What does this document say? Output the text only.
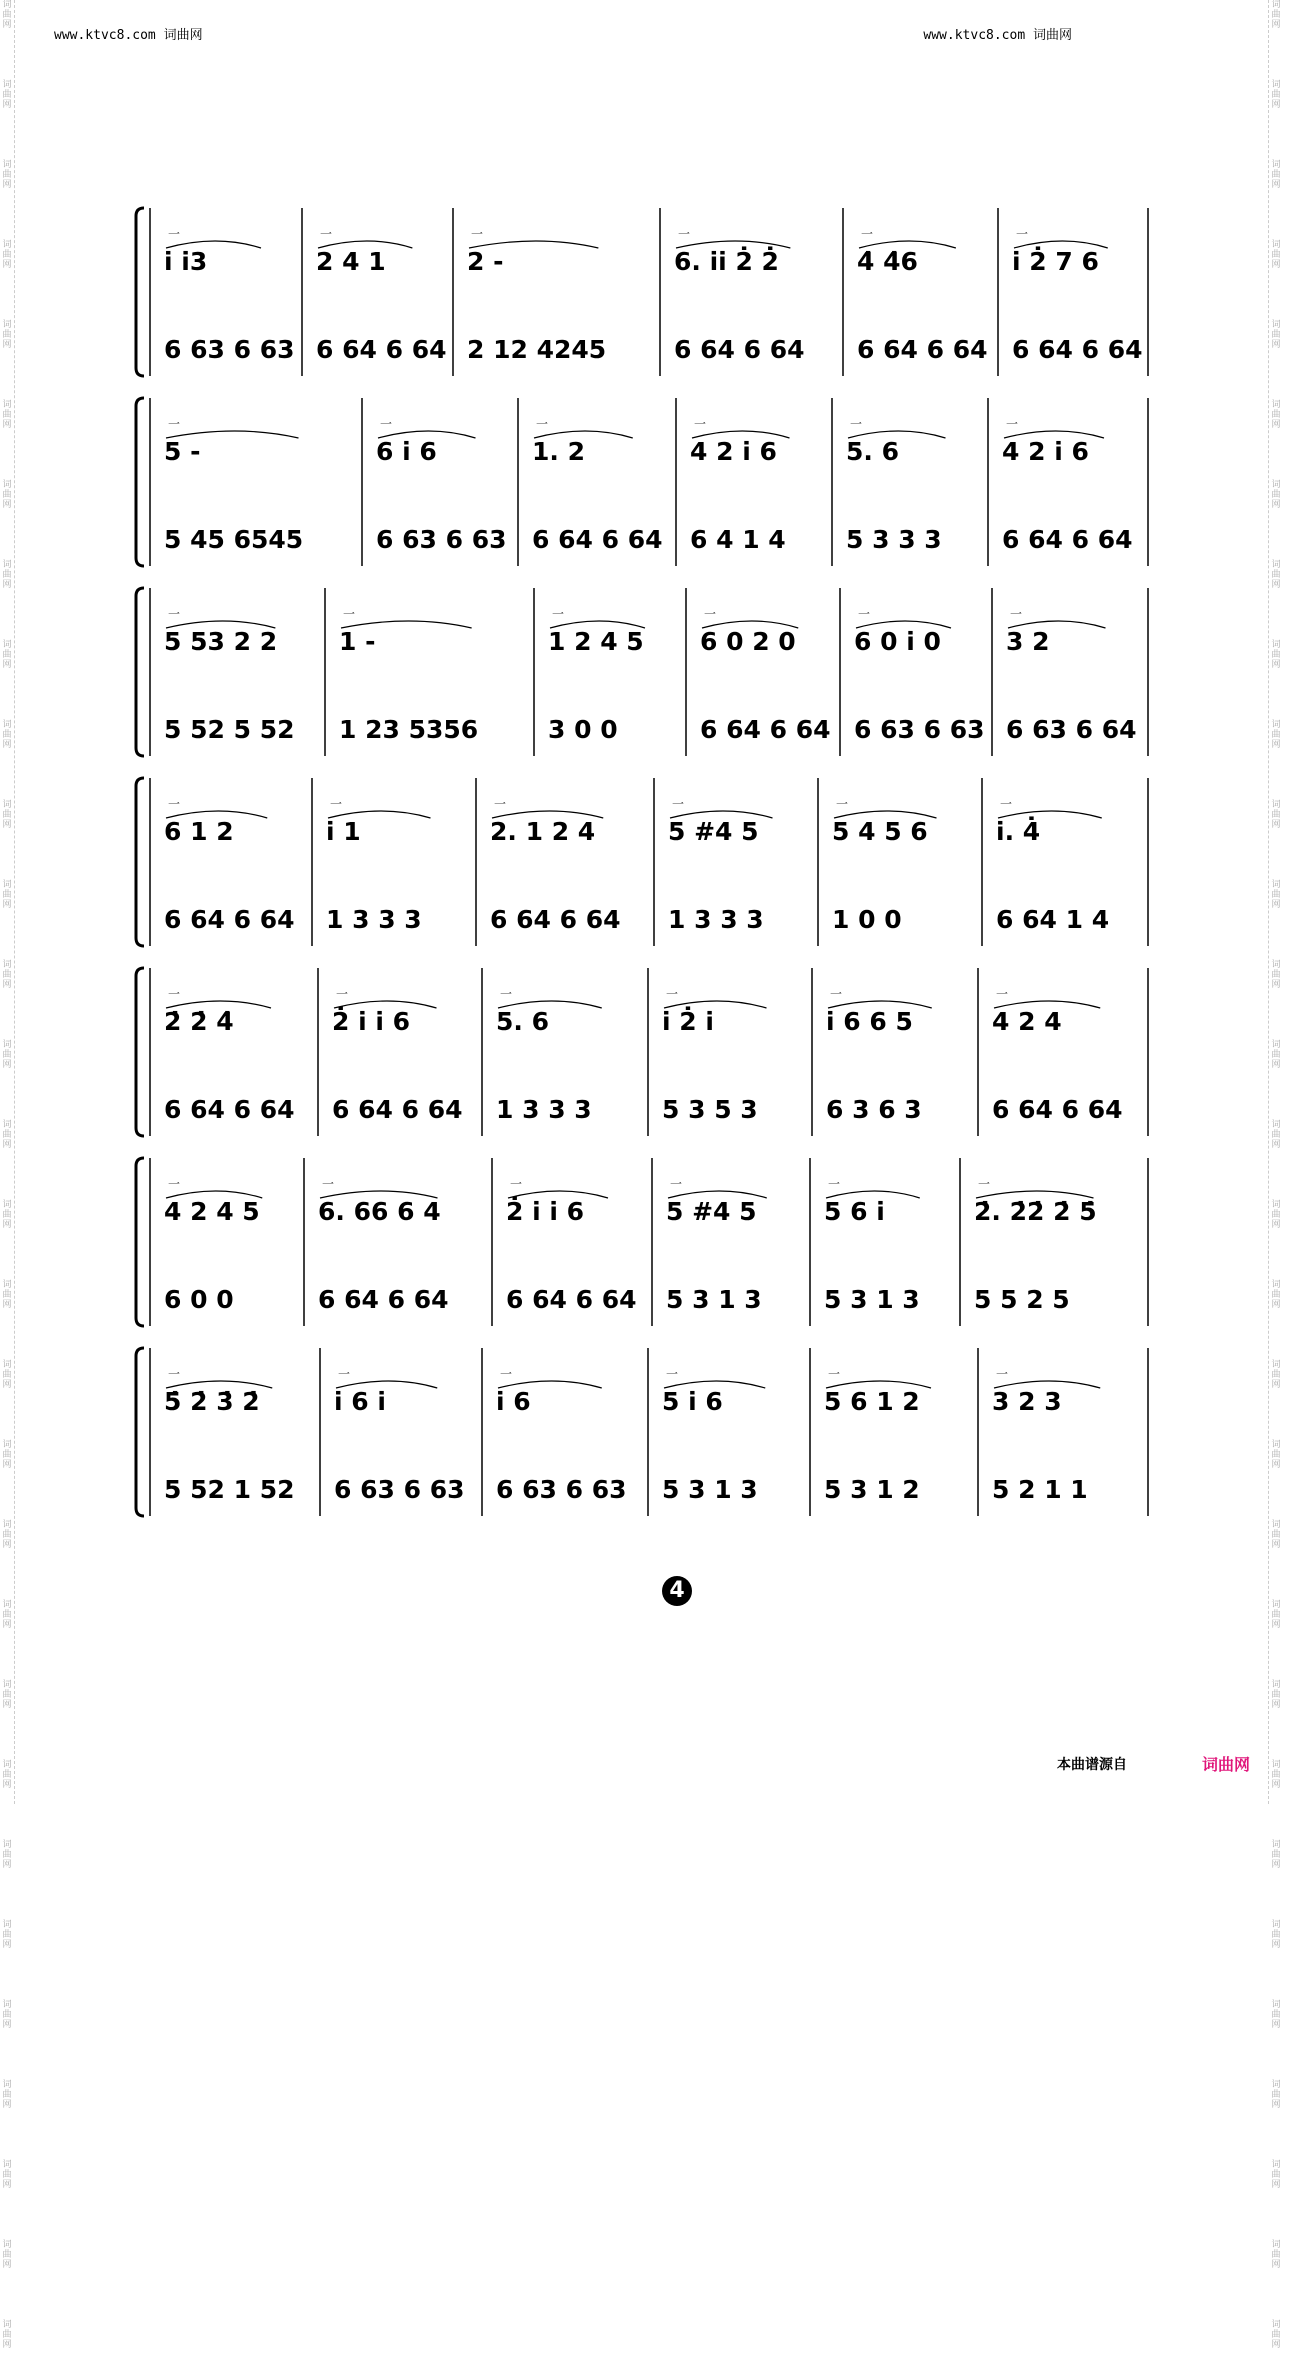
www.ktvc8.com 词曲网	www.ktvc8.com 词曲网
词
曲
网
词
曲
网
词
曲
网
词
曲
网
词
曲
网
词
曲
网
词
曲
网
词
曲
网
词
曲
网
词
曲
网
词
曲
网
词
曲
网
词
曲
网
词
曲
网
词
曲
网
词
曲
网
词
曲
网
词
曲
网
词
曲
网
词
曲
网
词
曲
网
词
曲
网
词
曲
网
词
曲
网
词
曲
网
词
曲
网
词
曲
网
词
曲
网
词
曲
网
词
曲
网
词
曲
网
词
曲
网
词
曲
网
词
曲
网
词
曲
网
词
曲
网
词
曲
网
词
曲
网
词
曲
网
词
曲
网
词
曲
网
词
曲
网
词
曲
网
词
曲
网
词
曲
网
词
曲
网
词
曲
网
词
曲
网
词
曲
网
词
曲
网
词
曲
网
词
曲
网
词
曲
网
词
曲
网
词
曲
网
词
曲
网
词
曲
网
词
曲
网
词
曲
网
词
曲
网
i̇ i̇3
6 63 6 63
一
2 4 1
6 64 6 64
一
2 -
2 12 4245
一
6. i̇i̇ 2̇ 2̇
6 64 6 64
一
4̇ 4̇6
6 64 6 64
一
i̇ 2̇ 7 6
6 64 6 64
一
5 -
5 45 6545
一
6 i̇ 6
6 63 6 63
一
1. 2
6 64 6 64
一
4 2 i̇ 6
6 4 1 4
一
5. 6
5 3 3 3
一
4 2 i̇ 6
6 64 6 64
一
5 53 2 2
5 52 5 52
一
1 -
1 23 5356
一
1 2 4 5
3 0 0
一
6 0 2 0
6 64 6 64
一
6 0 i̇ 0
6 63 6 63
一
3 2
6 63 6 64
一
6 1 2
6 64 6 64
一
i̇ 1
1 3 3 3
一
2. 1 2 4
6 64 6 64
一
5 #4 5
1 3 3 3
一
5 4 5 6
1 0 0
一
i̇. 4̇
6 64 1 4
一
2̇ 2̇ 4̇
6 64 6 64
一
2̇ i̇ i̇ 6
6 64 6 64
一
5. 6
1 3 3 3
一
i̇ 2̇ i̇
5 3 5 3
一
i̇ 6 6 5
6 3 6 3
一
4 2 4
6 64 6 64
一
4 2 4 5
6 0 0
一
6. 66 6 4
6 64 6 64
一
2̇ i̇ i̇ 6
6 64 6 64
一
5 #4 5
5 3 1 3
一
5 6 i̇
5 3 1 3
一
2̇. 2̇2̇ 2̇ 5̇
5 5 2 5
一
5̇ 2̇ 3̇ 2̇
5 52 1 52
一
i̇ 6 i̇
6 63 6 63
一
i̇ 6
6 63 6 63
一
5 i̇ 6
5 3 1 3
一
5 6 1 2
5 3 1 2
一
3 2 3
5 2 1 1
一
4
本曲谱源自	词曲网
